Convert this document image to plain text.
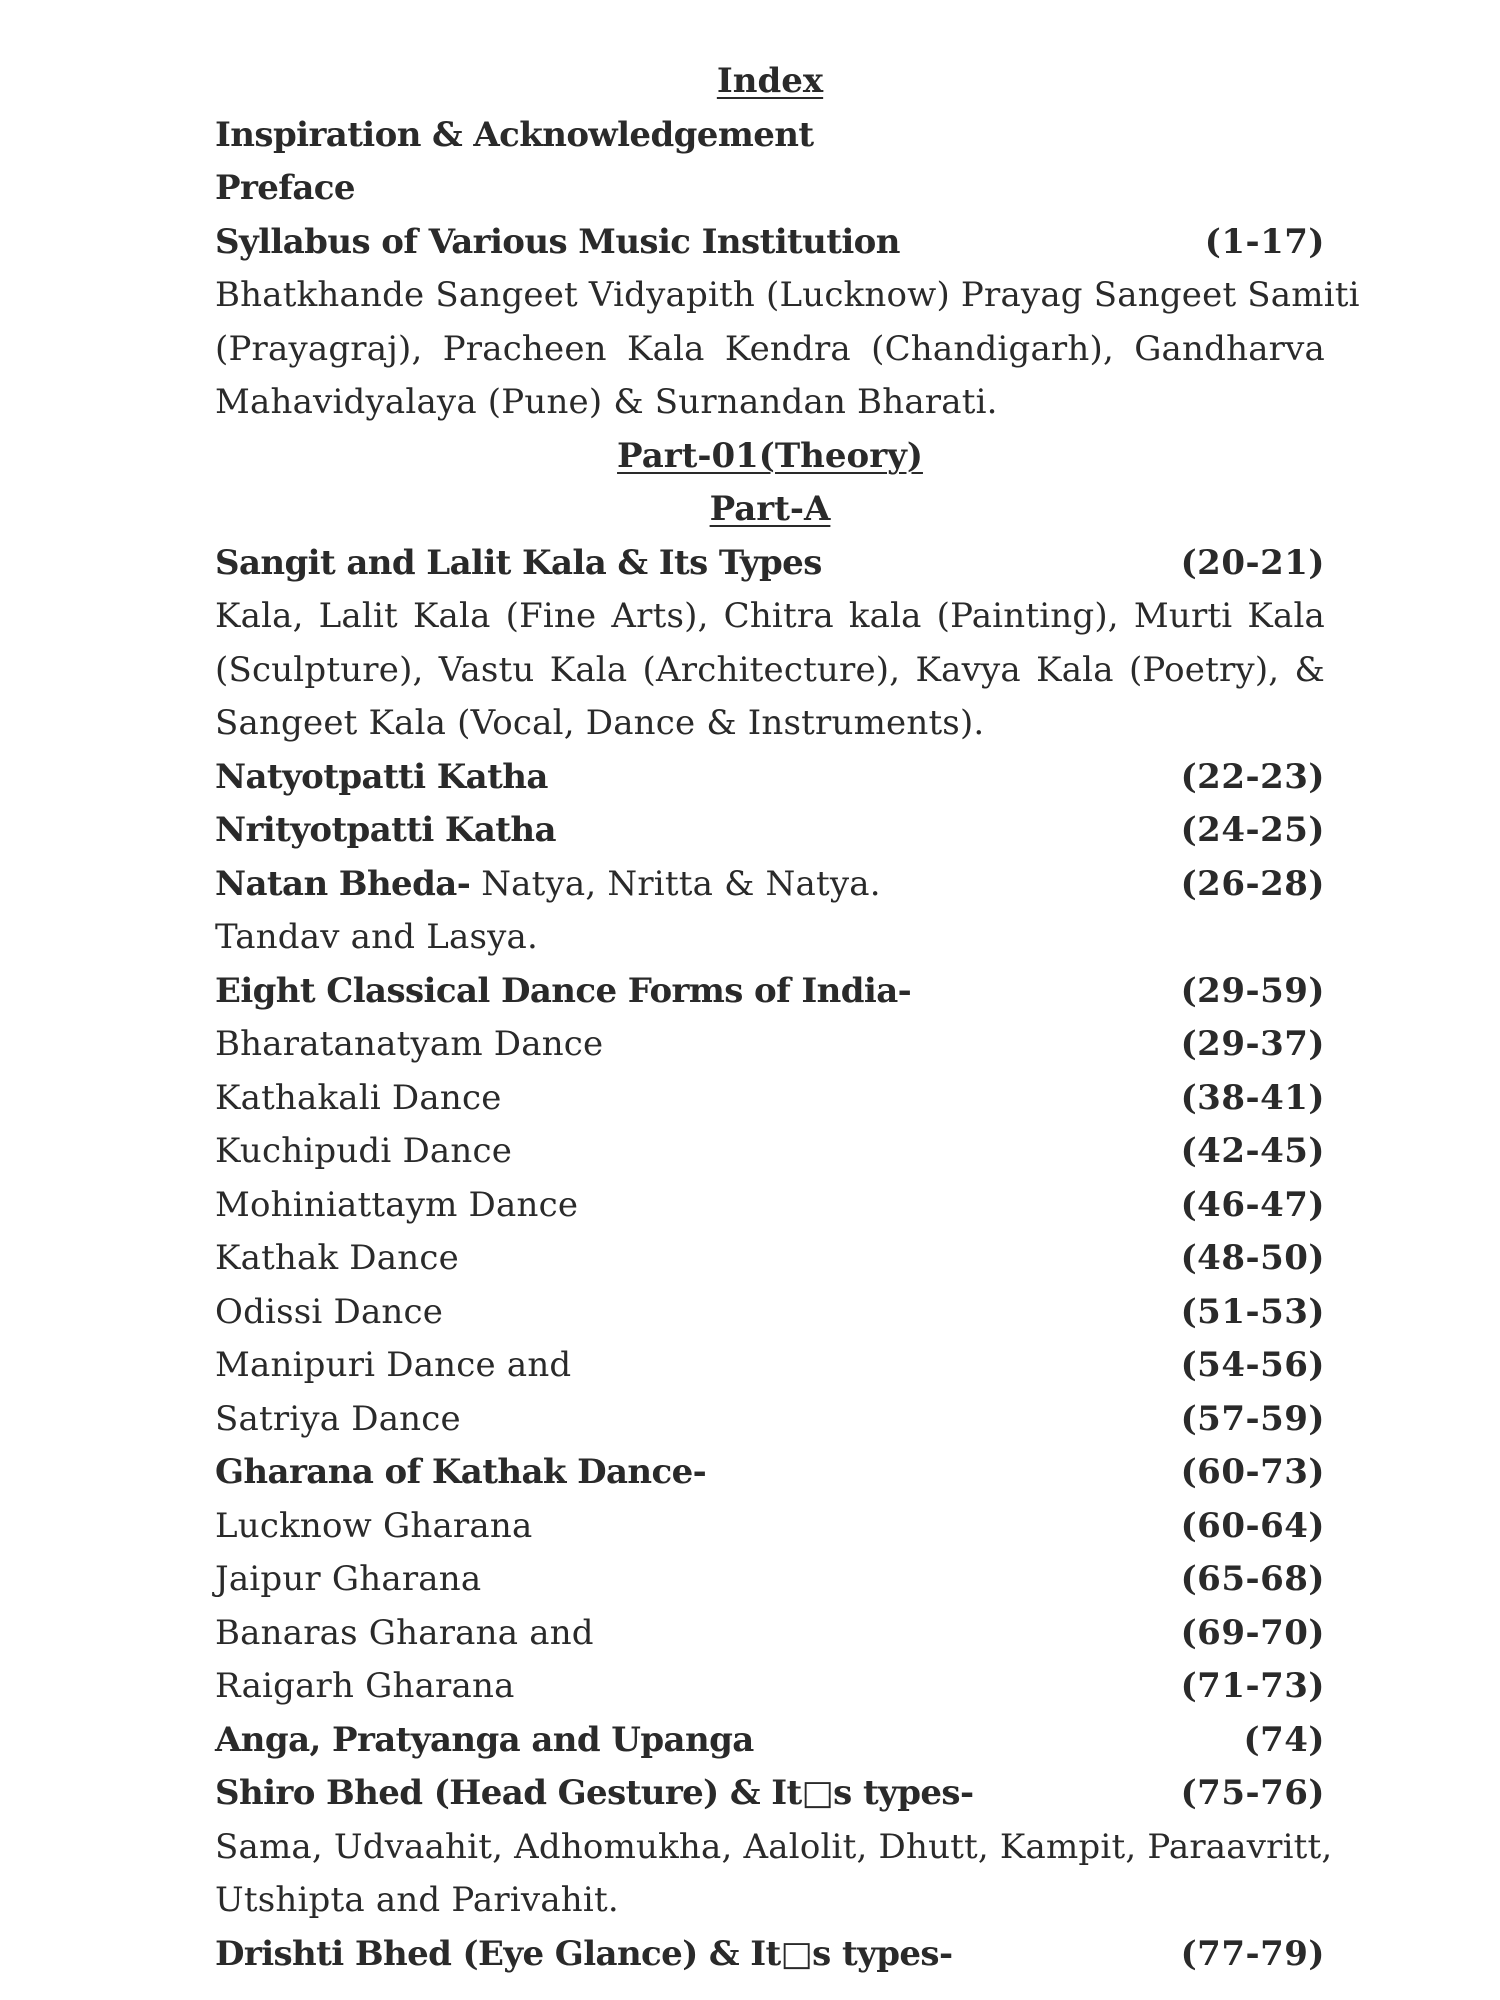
Index
Inspiration & Acknowledgement
Preface
Syllabus of Various Music Institution	(1-17)
Bhatkhande Sangeet Vidyapith (Lucknow) Prayag Sangeet Samiti
(Prayagraj), Pracheen Kala Kendra (Chandigarh), Gandharva
Mahavidyalaya (Pune) & Surnandan Bharati.
Part-01(Theory)
Part-A
Sangit and Lalit Kala & Its Types	(20-21)
Kala, Lalit Kala (Fine Arts), Chitra kala (Painting), Murti Kala
(Sculpture), Vastu Kala (Architecture), Kavya Kala (Poetry), &
Sangeet Kala (Vocal, Dance & Instruments).
Natyotpatti Katha	(22-23)
Nrityotpatti Katha	(24-25)
Natan Bheda- Natya, Nritta & Natya.	(26-28)
Tandav and Lasya.
Eight Classical Dance Forms of India-	(29-59)
Bharatanatyam Dance	(29-37)
Kathakali Dance	(38-41)
Kuchipudi Dance	(42-45)
Mohiniattaym Dance	(46-47)
Kathak Dance	(48-50)
Odissi Dance	(51-53)
Manipuri Dance and	(54-56)
Satriya Dance	(57-59)
Gharana of Kathak Dance-	(60-73)
Lucknow Gharana	(60-64)
Jaipur Gharana	(65-68)
Banaras Gharana and	(69-70)
Raigarh Gharana	(71-73)
Anga, Pratyanga and Upanga	(74)
Shiro Bhed (Head Gesture) & It□s types-	(75-76)
Sama, Udvaahit, Adhomukha, Aalolit, Dhutt, Kampit, Paraavritt,
Utshipta and Parivahit.
Drishti Bhed (Eye Glance) & It□s types-	(77-79)
